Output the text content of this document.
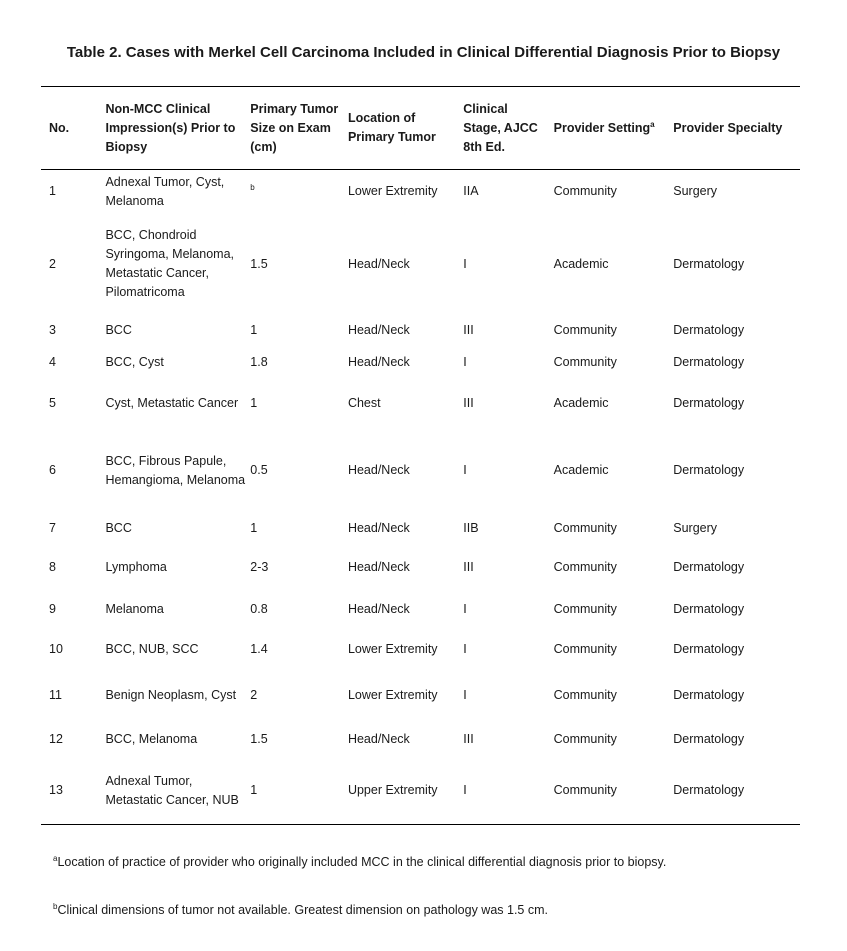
Table 2. Cases with Merkel Cell Carcinoma Included in Clinical Differential Diagnosis Prior to Biopsy
No.	Non-MCC Clinical Impression(s) Prior to Biopsy	Primary Tumor Size on Exam (cm)	Location of Primary Tumor	Clinical Stage, AJCC 8th Ed.	Provider Setting$^a$	Provider Specialty
1	Adnexal Tumor, Cyst, Melanoma	$^b$	Lower Extremity	IIA	Community	Surgery
2	BCC, Chondroid Syringoma, Melanoma, Metastatic Cancer, Pilomatricoma	1.5	Head/Neck	I	Academic	Dermatology
3	BCC	1	Head/Neck	III	Community	Dermatology
4	BCC, Cyst	1.8	Head/Neck	I	Community	Dermatology
5	Cyst, Metastatic Cancer	1	Chest	III	Academic	Dermatology
6	BCC, Fibrous Papule, Hemangioma, Melanoma	0.5	Head/Neck	I	Academic	Dermatology
7	BCC	1	Head/Neck	IIB	Community	Surgery
8	Lymphoma	2-3	Head/Neck	III	Community	Dermatology
9	Melanoma	0.8	Head/Neck	I	Community	Dermatology
10	BCC, NUB, SCC	1.4	Lower Extremity	I	Community	Dermatology
11	Benign Neoplasm, Cyst	2	Lower Extremity	I	Community	Dermatology
12	BCC, Melanoma	1.5	Head/Neck	III	Community	Dermatology
13	Adnexal Tumor, Metastatic Cancer, NUB	1	Upper Extremity	I	Community	Dermatology
$^a$Location of practice of provider who originally included MCC in the clinical differential diagnosis prior to biopsy.
$^b$Clinical dimensions of tumor not available. Greatest dimension on pathology was 1.5 cm.
